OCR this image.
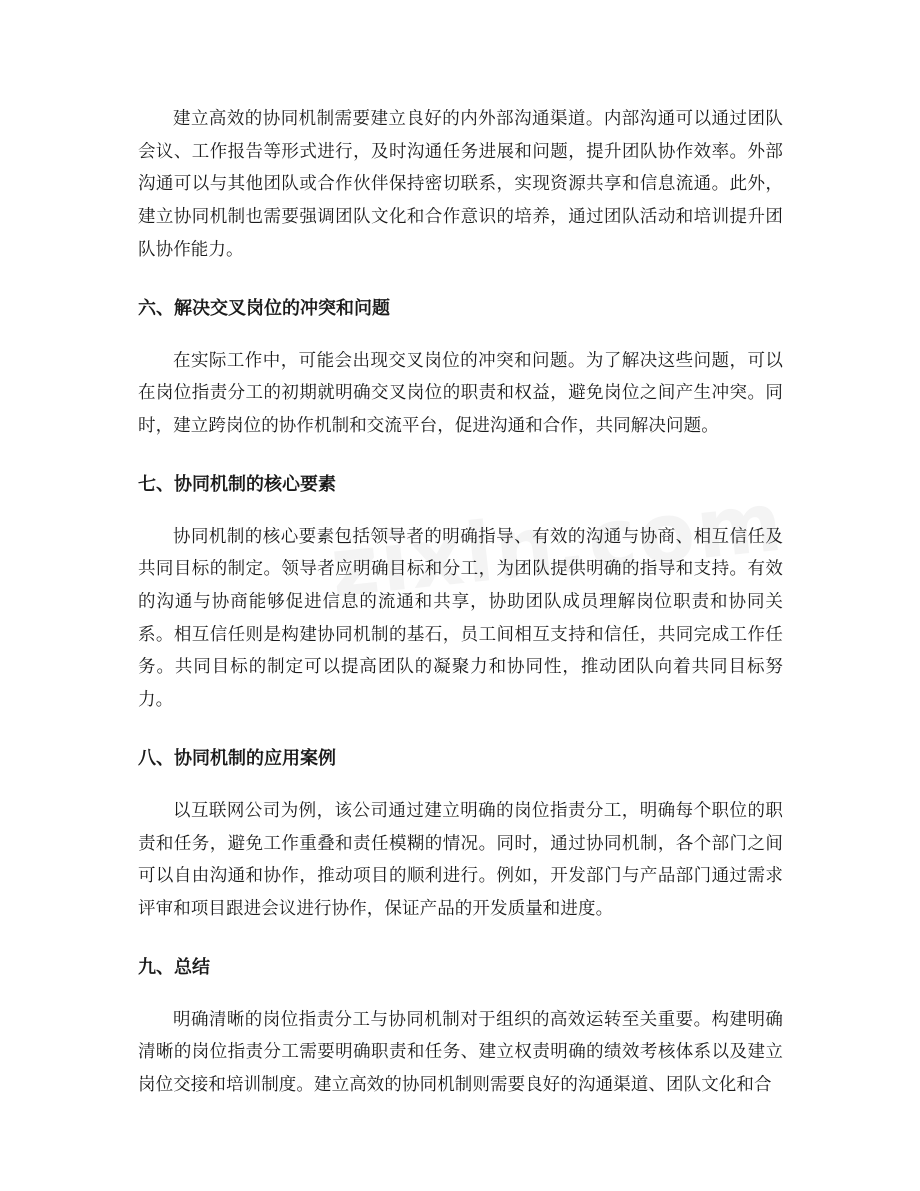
建立高效的协同机制需要建立良好的内外部沟通渠道。内部沟通可以通过团队会议、工作报告等形式进行，及时沟通任务进展和问题，提升团队协作效率。外部沟通可以与其他团队或合作伙伴保持密切联系，实现资源共享和信息流通。此外，建立协同机制也需要强调团队文化和合作意识的培养，通过团队活动和培训提升团队协作能力。

六、解决交叉岗位的冲突和问题

在实际工作中，可能会出现交叉岗位的冲突和问题。为了解决这些问题，可以在岗位指责分工的初期就明确交叉岗位的职责和权益，避免岗位之间产生冲突。同时，建立跨岗位的协作机制和交流平台，促进沟通和合作，共同解决问题。

七、协同机制的核心要素

协同机制的核心要素包括领导者的明确指导、有效的沟通与协商、相互信任及共同目标的制定。领导者应明确目标和分工，为团队提供明确的指导和支持。有效的沟通与协商能够促进信息的流通和共享，协助团队成员理解岗位职责和协同关系。相互信任则是构建协同机制的基石，员工间相互支持和信任，共同完成工作任务。共同目标的制定可以提高团队的凝聚力和协同性，推动团队向着共同目标努力。

八、协同机制的应用案例

以互联网公司为例，该公司通过建立明确的岗位指责分工，明确每个职位的职责和任务，避免工作重叠和责任模糊的情况。同时，通过协同机制，各个部门之间可以自由沟通和协作，推动项目的顺利进行。例如，开发部门与产品部门通过需求评审和项目跟进会议进行协作，保证产品的开发质量和进度。

九、总结

明确清晰的岗位指责分工与协同机制对于组织的高效运转至关重要。构建明确清晰的岗位指责分工需要明确职责和任务、建立权责明确的绩效考核体系以及建立岗位交接和培训制度。建立高效的协同机制则需要良好的沟通渠道、团队文化和合
